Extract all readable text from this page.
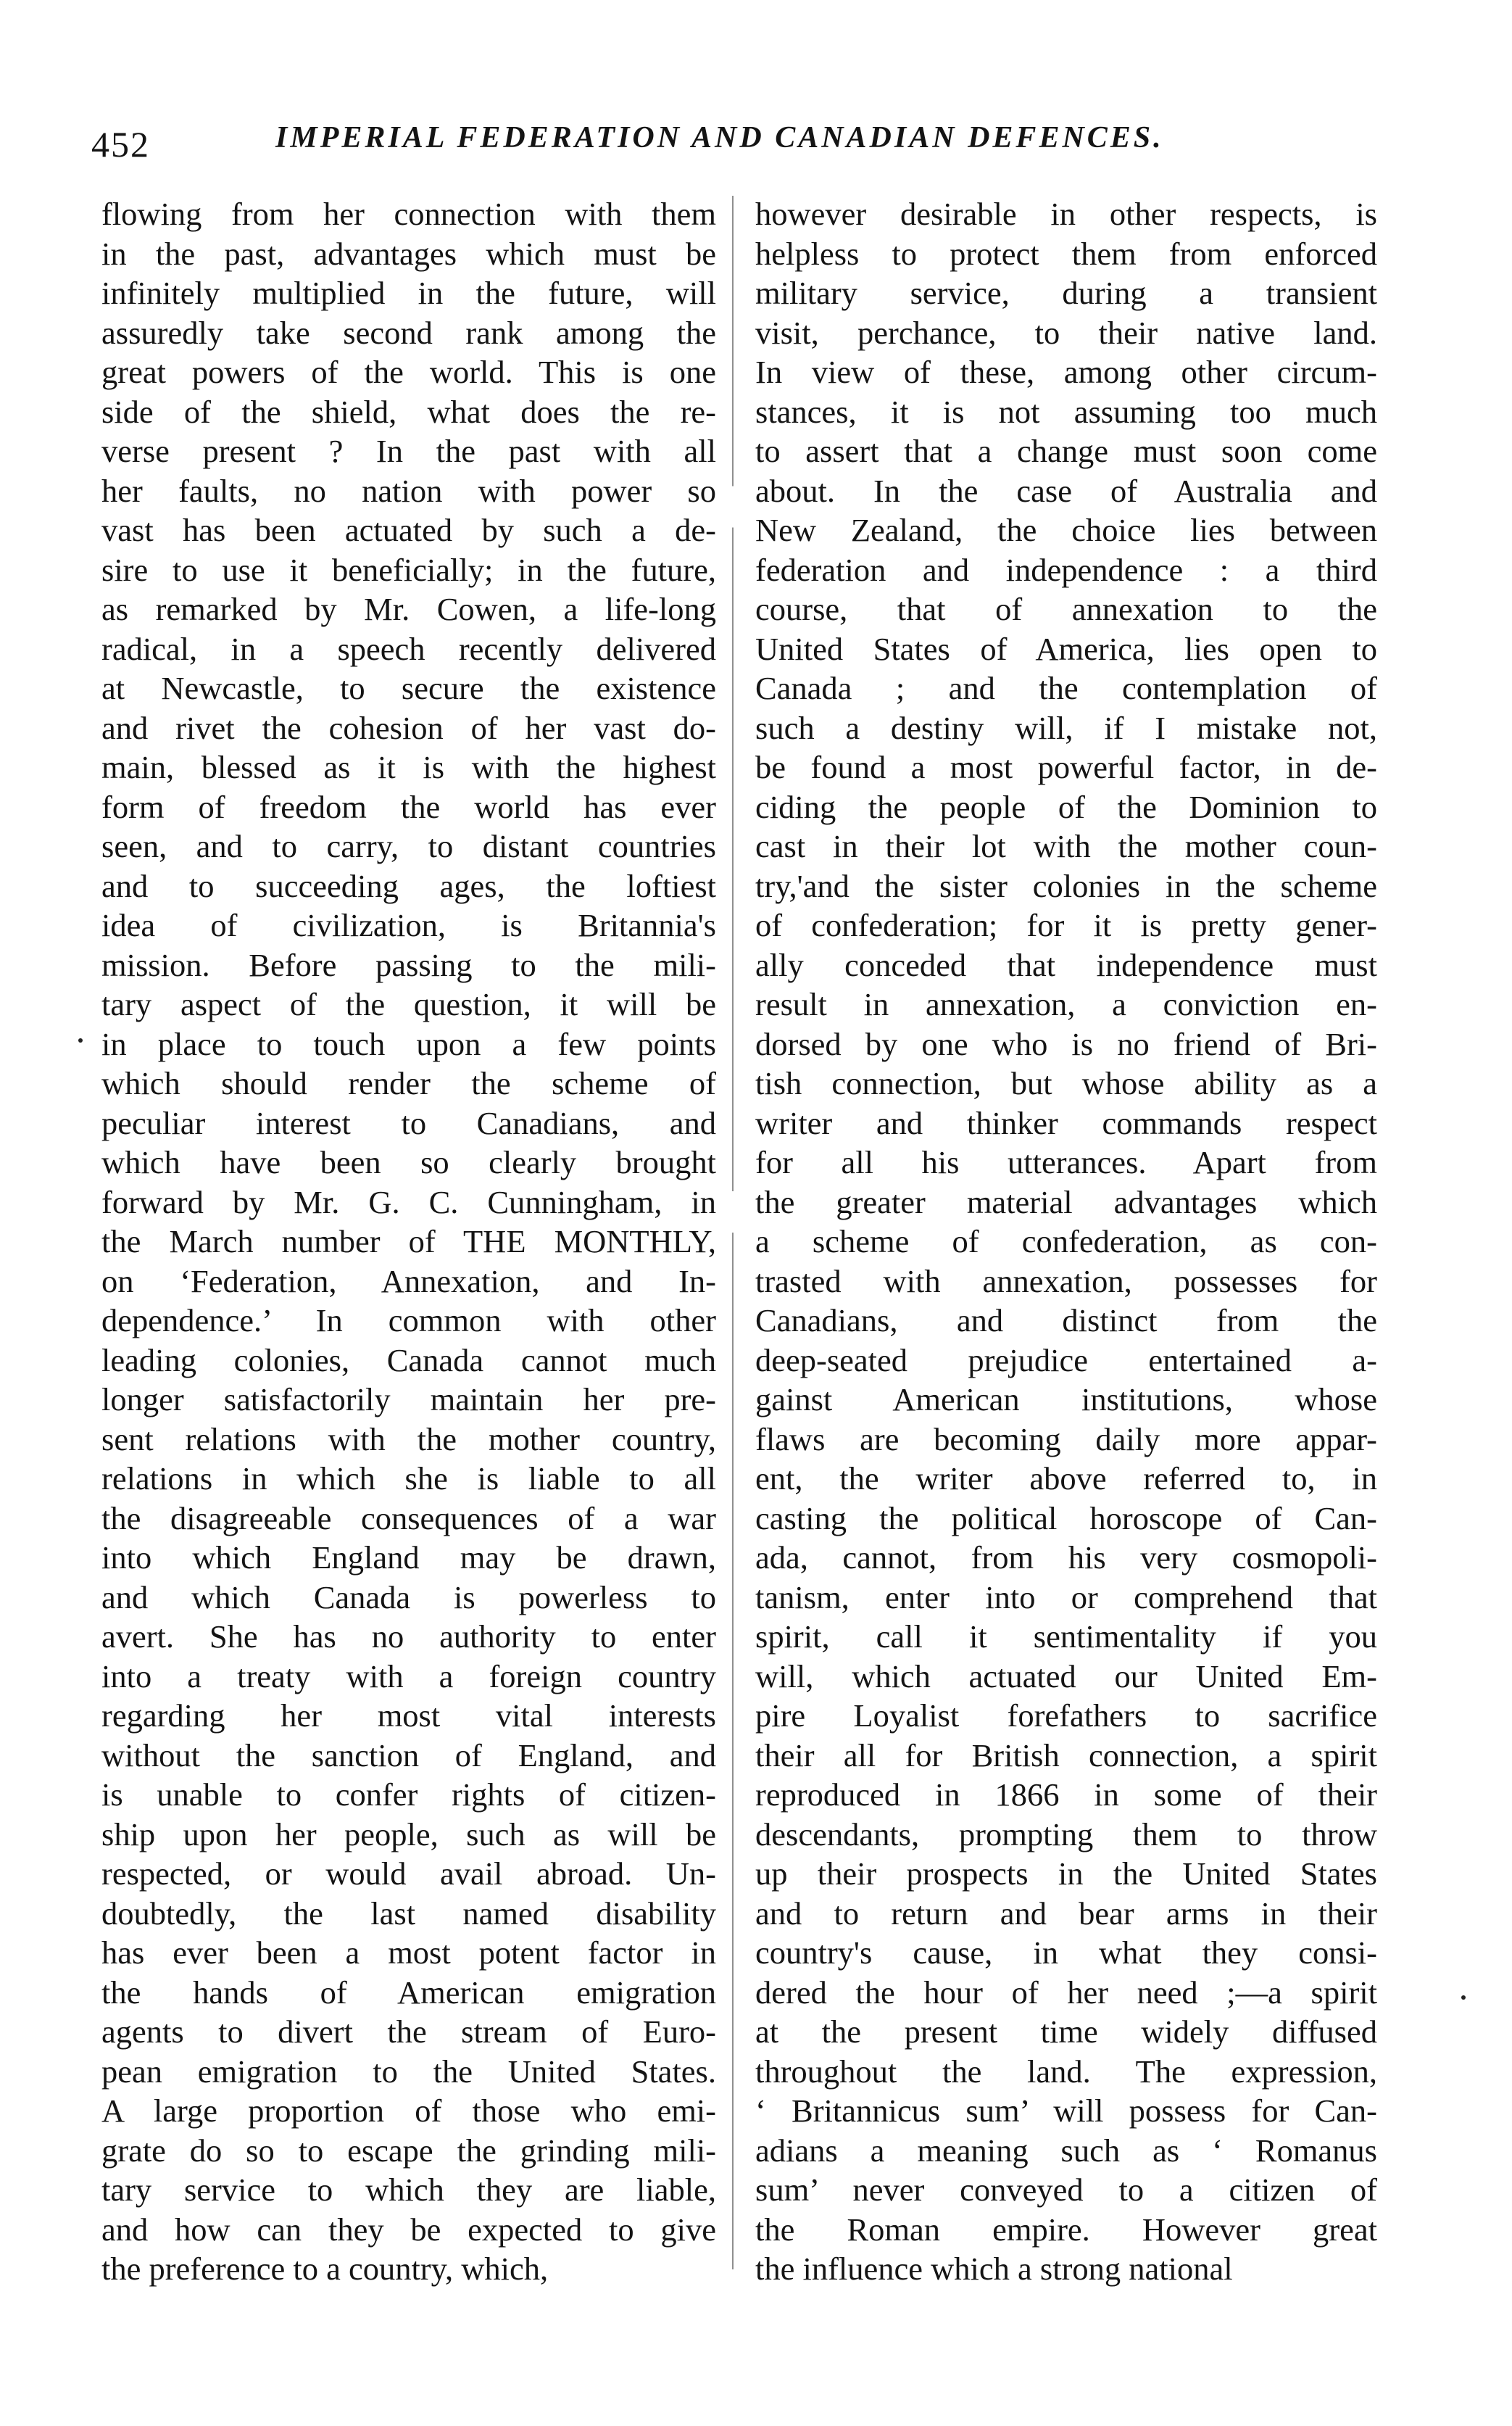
452	IMPERIAL FEDERATION AND CANADIAN DEFENCES.
flowing from her connection with them
in the past, advantages which must be
infinitely multiplied in the future, will
assuredly take second rank among the
great powers of the world. This is one
side of the shield, what does the re-
verse present ? In the past with all
her faults, no nation with power so
vast has been actuated by such a de-
sire to use it beneficially; in the future,
as remarked by Mr. Cowen, a life-long
radical, in a speech recently delivered
at Newcastle, to secure the existence
and rivet the cohesion of her vast do-
main, blessed as it is with the highest
form of freedom the world has ever
seen, and to carry, to distant countries
and to succeeding ages, the loftiest
idea of civilization, is Britannia's
mission. Before passing to the mili-
tary aspect of the question, it will be
in place to touch upon a few points
which should render the scheme of
peculiar interest to Canadians, and
which have been so clearly brought
forward by Mr. G. C. Cunningham, in
the March number of THE MONTHLY,
on ‘Federation, Annexation, and In-
dependence.’ In common with other
leading colonies, Canada cannot much
longer satisfactorily maintain her pre-
sent relations with the mother country,
relations in which she is liable to all
the disagreeable consequences of a war
into which England may be drawn,
and which Canada is powerless to
avert. She has no authority to enter
into a treaty with a foreign country
regarding her most vital interests
without the sanction of England, and
is unable to confer rights of citizen-
ship upon her people, such as will be
respected, or would avail abroad. Un-
doubtedly, the last named disability
has ever been a most potent factor in
the hands of American emigration
agents to divert the stream of Euro-
pean emigration to the United States.
A large proportion of those who emi-
grate do so to escape the grinding mili-
tary service to which they are liable,
and how can they be expected to give
the preference to a country, which,
however desirable in other respects, is
helpless to protect them from enforced
military service, during a transient
visit, perchance, to their native land.
In view of these, among other circum-
stances, it is not assuming too much
to assert that a change must soon come
about. In the case of Australia and
New Zealand, the choice lies between
federation and independence : a third
course, that of annexation to the
United States of America, lies open to
Canada ; and the contemplation of
such a destiny will, if I mistake not,
be found a most powerful factor, in de-
ciding the people of the Dominion to
cast in their lot with the mother coun-
try,'and the sister colonies in the scheme
of confederation; for it is pretty gener-
ally conceded that independence must
result in annexation, a conviction en-
dorsed by one who is no friend of Bri-
tish connection, but whose ability as a
writer and thinker commands respect
for all his utterances. Apart from
the greater material advantages which
a scheme of confederation, as con-
trasted with annexation, possesses for
Canadians, and distinct from the
deep-seated prejudice entertained a-
gainst American institutions, whose
flaws are becoming daily more appar-
ent, the writer above referred to, in
casting the political horoscope of Can-
ada, cannot, from his very cosmopoli-
tanism, enter into or comprehend that
spirit, call it sentimentality if you
will, which actuated our United Em-
pire Loyalist forefathers to sacrifice
their all for British connection, a spirit
reproduced in 1866 in some of their
descendants, prompting them to throw
up their prospects in the United States
and to return and bear arms in their
country's cause, in what they consi-
dered the hour of her need ;—a spirit
at the present time widely diffused
throughout the land. The expression,
‘ Britannicus sum’ will possess for Can-
adians a meaning such as ‘ Romanus
sum’ never conveyed to a citizen of
the Roman empire. However great
the influence which a strong national
